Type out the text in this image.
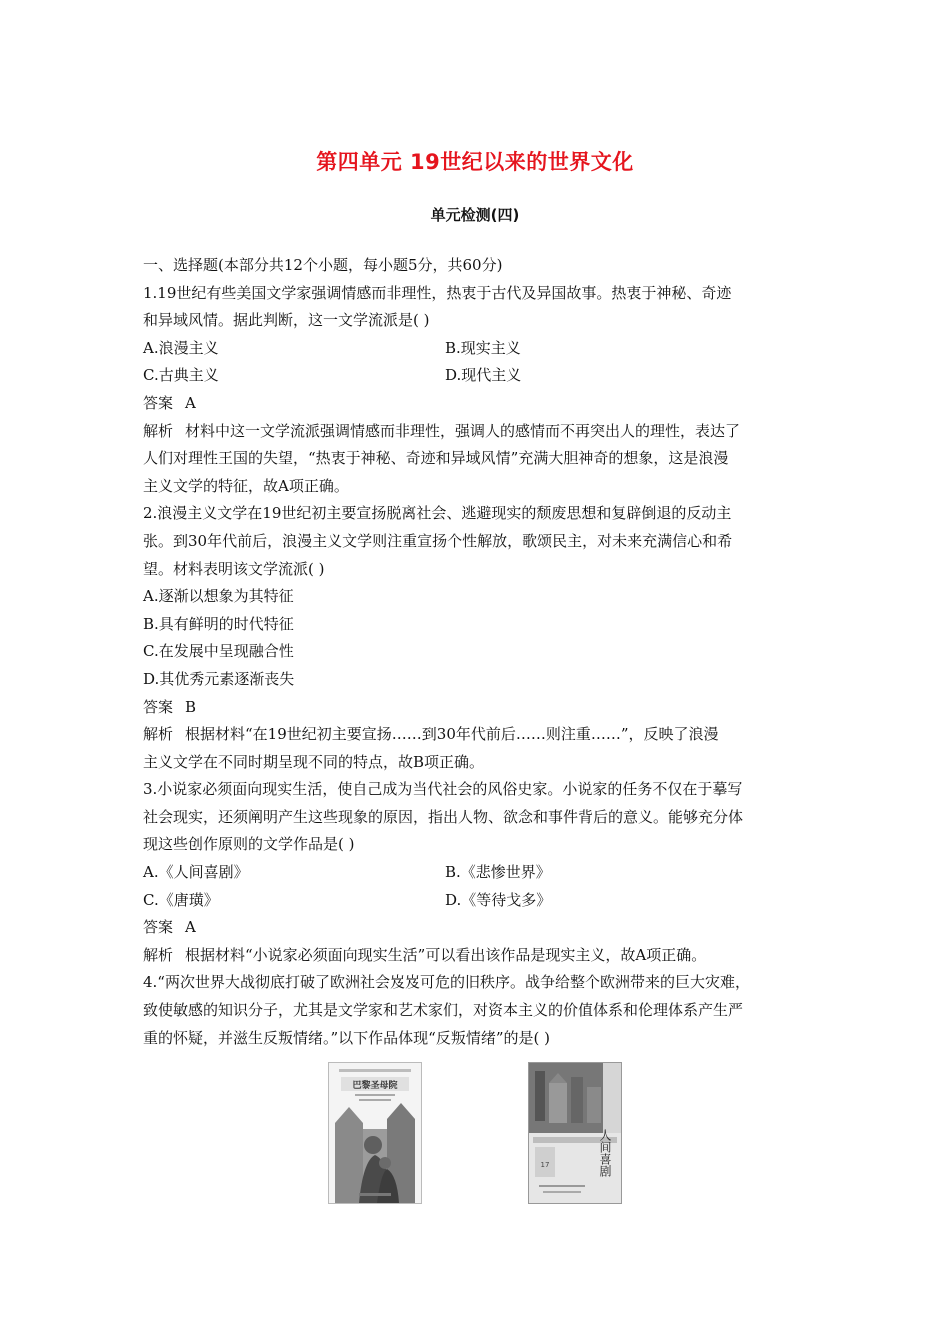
第四单元 19世纪以来的世界文化
单元检测(四)
一、选择题(本部分共12个小题，每小题5分，共60分)
1.19世纪有些美国文学家强调情感而非理性，热衷于古代及异国故事。热衷于神秘、奇迹
和异域风情。据此判断，这一文学流派是( )
A.浪漫主义	B.现实主义
C.古典主义	D.现代主义
答案 A
解析 材料中这一文学流派强调情感而非理性，强调人的感情而不再突出人的理性，表达了
人们对理性王国的失望，“热衷于神秘、奇迹和异域风情”充满大胆神奇的想象，这是浪漫
主义文学的特征，故A项正确。
2.浪漫主义文学在19世纪初主要宣扬脱离社会、逃避现实的颓废思想和复辟倒退的反动主
张。到30年代前后，浪漫主义文学则注重宣扬个性解放，歌颂民主，对未来充满信心和希
望。材料表明该文学流派( )
A.逐渐以想象为其特征
B.具有鲜明的时代特征
C.在发展中呈现融合性
D.其优秀元素逐渐丧失
答案 B
解析 根据材料“在19世纪初主要宣扬……到30年代前后……则注重……”，反映了浪漫
主义文学在不同时期呈现不同的特点，故B项正确。
3.小说家必须面向现实生活，使自己成为当代社会的风俗史家。小说家的任务不仅在于摹写
社会现实，还须阐明产生这些现象的原因，指出人物、欲念和事件背后的意义。能够充分体
现这些创作原则的文学作品是( )
A.《人间喜剧》	B.《悲惨世界》
C.《唐璜》	D.《等待戈多》
答案 A
解析 根据材料“小说家必须面向现实生活”可以看出该作品是现实主义，故A项正确。
4.“两次世界大战彻底打破了欧洲社会岌岌可危的旧秩序。战争给整个欧洲带来的巨大灾难，
致使敏感的知识分子，尤其是文学家和艺术家们，对资本主义的价值体系和伦理体系产生严
重的怀疑，并滋生反叛情绪。”以下作品体现“反叛情绪”的是( )
巴黎圣母院
17	人间喜剧
